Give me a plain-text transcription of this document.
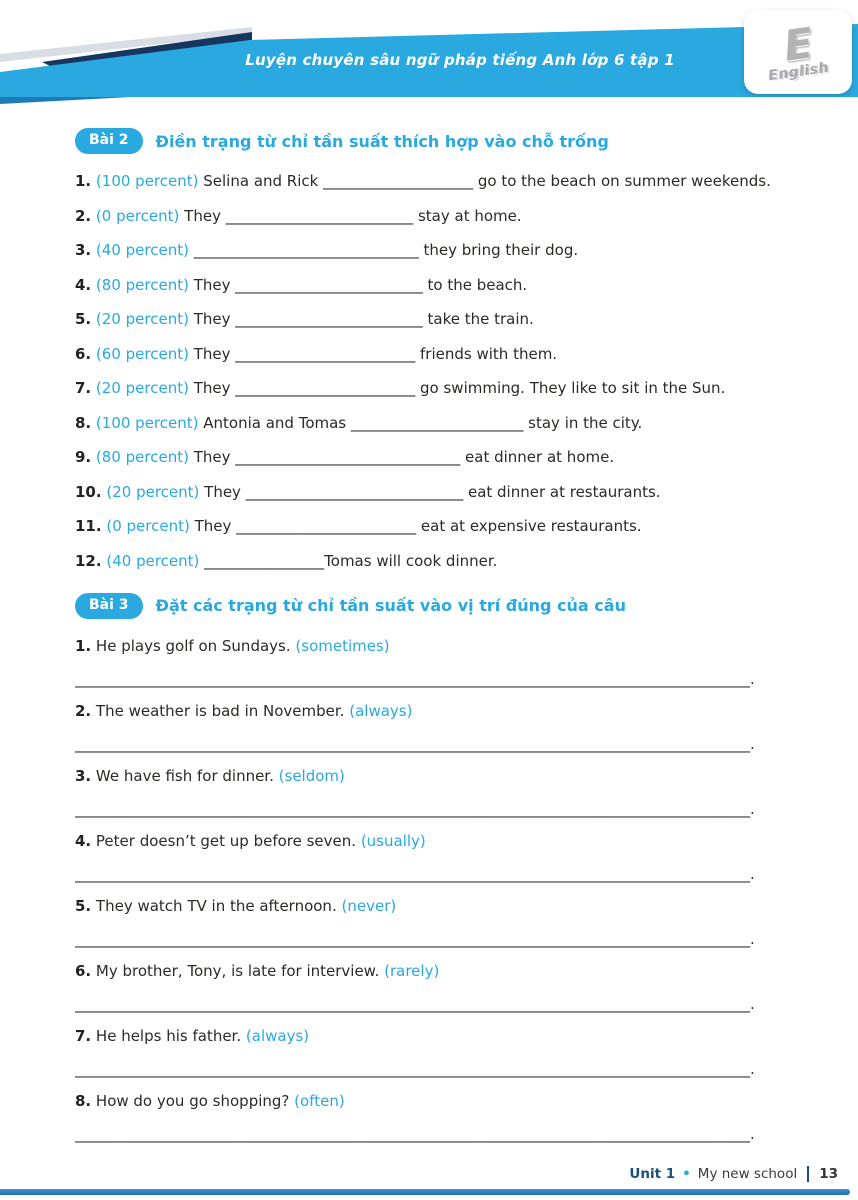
Luyện chuyên sâu ngữ pháp tiếng Anh lớp 6 tập 1	E
English
Bài 2	Điền trạng từ chỉ tần suất thích hợp vào chỗ trống
1. (100 percent) Selina and Rick ____________________ go to the beach on summer weekends.
2. (0 percent) They _________________________ stay at home.
3. (40 percent) ______________________________ they bring their dog.
4. (80 percent) They _________________________ to the beach.
5. (20 percent) They _________________________ take the train.
6. (60 percent) They ________________________ friends with them.
7. (20 percent) They ________________________ go swimming. They like to sit in the Sun.
8. (100 percent) Antonia and Tomas _______________________ stay in the city.
9. (80 percent) They ______________________________ eat dinner at home.
10. (20 percent) They _____________________________ eat dinner at restaurants.
11. (0 percent) They ________________________ eat at expensive restaurants.
12. (40 percent) ________________Tomas will cook dinner.
Bài 3	Đặt các trạng từ chỉ tần suất vào vị trí đúng của câu
1. He plays golf on Sundays. (sometimes)
__________________________________________________________________________________________.
2. The weather is bad in November. (always)
__________________________________________________________________________________________.
3. We have fish for dinner. (seldom)
__________________________________________________________________________________________.
4. Peter doesn’t get up before seven. (usually)
__________________________________________________________________________________________.
5. They watch TV in the afternoon. (never)
__________________________________________________________________________________________.
6. My brother, Tony, is late for interview. (rarely)
__________________________________________________________________________________________.
7. He helps his father. (always)
__________________________________________________________________________________________.
8. How do you go shopping? (often)
__________________________________________________________________________________________.
Unit 1 • My new school 13
